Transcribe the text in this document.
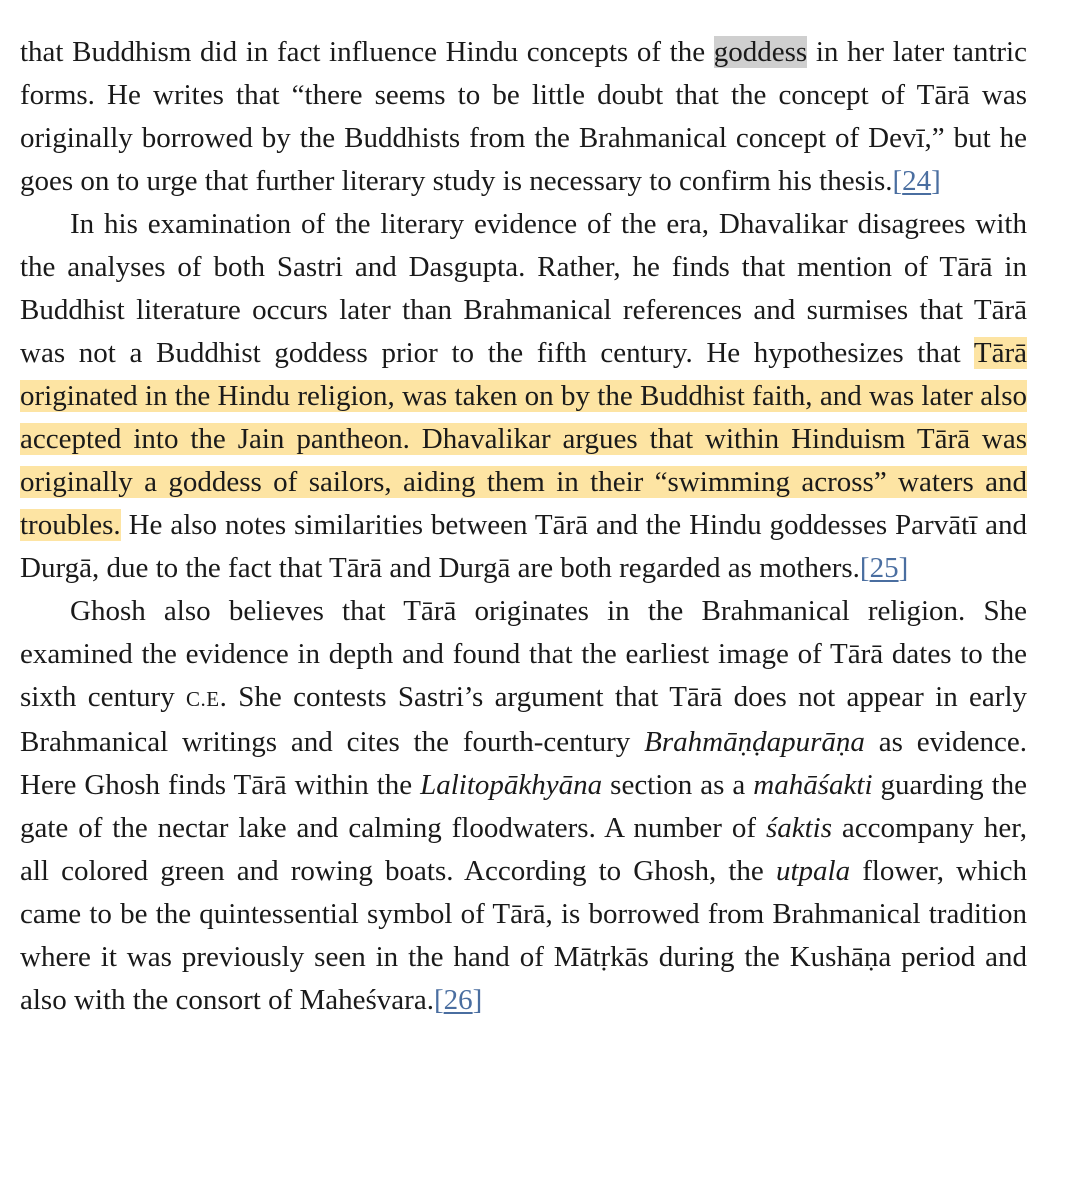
that Buddhism did in fact influence Hindu concepts of the goddess in her later tantric forms. He writes that “there seems to be little doubt that the concept of Tārā was originally borrowed by the Buddhists from the Brahmanical concept of Devī,” but he goes on to urge that further literary study is necessary to confirm his thesis.[24]

In his examination of the literary evidence of the era, Dhavalikar disagrees with the analyses of both Sastri and Dasgupta. Rather, he finds that mention of Tārā in Buddhist literature occurs later than Brahmanical references and surmises that Tārā was not a Buddhist goddess prior to the fifth century. He hypothesizes that Tārā originated in the Hindu religion, was taken on by the Buddhist faith, and was later also accepted into the Jain pantheon. Dhavalikar argues that within Hinduism Tārā was originally a goddess of sailors, aiding them in their “swimming across” waters and troubles. He also notes similarities between Tārā and the Hindu goddesses Parvātī and Durgā, due to the fact that Tārā and Durgā are both regarded as mothers.[25]

Ghosh also believes that Tārā originates in the Brahmanical religion. She examined the evidence in depth and found that the earliest image of Tārā dates to the sixth century C.E. She contests Sastri’s argument that Tārā does not appear in early Brahmanical writings and cites the fourth-century Brahmāṇḍapurāṇa as evidence. Here Ghosh finds Tārā within the Lalitopākhyāna section as a mahāśakti guarding the gate of the nectar lake and calming floodwaters. A number of śaktis accompany her, all colored green and rowing boats. According to Ghosh, the utpala flower, which came to be the quintessential symbol of Tārā, is borrowed from Brahmanical tradition where it was previously seen in the hand of Mātṛkās during the Kushāṇa period and also with the consort of Maheśvara.[26]
